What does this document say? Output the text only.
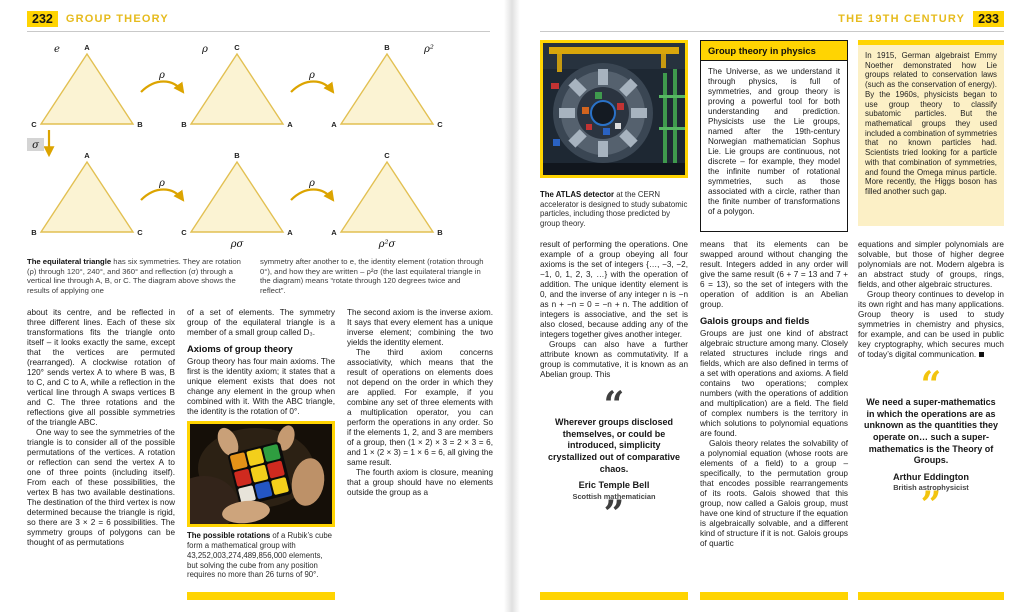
232	GROUP THEORY
ρ	ρ
ρ	ρ
σ
e	ρ	ρ²
ρσ	ρ²σ
A
C	B
C
B	A
B
A	C
A
B	C
B
C	A
C
A	B
The equilateral triangle has six symmetries. They are rotation (ρ) through 120°, 240°, and 360° and reflection (σ) through a vertical line through A, B, or C. The diagram above shows the results of applying one
symmetry after another to e, the identity element (rotation through 0°), and how they are written – ρ²σ (the last equilateral triangle in the diagram) means “rotate through 120 degrees twice and reflect”.

about its centre, and be reflected in three different lines. Each of these six transformations fits the triangle onto itself – it looks exactly the same, except that the vertices are permuted (rearranged). A clockwise rotation of 120° sends vertex A to where B was, B to C, and C to A, while a reflection in the vertical line through A swaps vertices B and C. The three rotations and the reflections give all possible symmetries of the triangle ABC.

One way to see the symmetries of the triangle is to consider all of the possible permutations of the vertices. A rotation or reflection can send the vertex A to one of three points (including itself). From each of these possibilities, the vertex B has two available destinations. The destination of the third vertex is now determined because the triangle is rigid, so there are 3 × 2 = 6 possibilities. The symmetry groups of polygons can be thought of as permutations

of a set of elements. The symmetry group of the equilateral triangle is a member of a small group called D₃.

Axioms of group theory

Group theory has four main axioms. The first is the identity axiom; it states that a unique element exists that does not change any element in the group when combined with it. With the ABC triangle, the identity is the rotation of 0°.

The possible rotations of a Rubik’s cube form a mathematical group with 43,252,003,274,489,856,000 elements, but solving the cube from any position requires no more than 26 turns of 90°.

The second axiom is the inverse axiom. It says that every element has a unique inverse element; combining the two yields the identity element.

The third axiom concerns associativity, which means that the result of operations on elements does not depend on the order in which they are applied. For example, if you combine any set of three elements with a multiplication operator, you can perform the operations in any order. So if the elements 1, 2, and 3 are members of a group, then (1 × 2) × 3 = 2 × 3 = 6, and 1 × (2 × 3) = 1 × 6 = 6, all giving the same result.

The fourth axiom is closure, meaning that a group should have no elements outside the group as a

THE 19TH CENTURY	233
The ATLAS detector at the CERN accelerator is designed to study subatomic particles, including those predicted by group theory.
Group theory in physics
The Universe, as we understand it through physics, is full of symmetries, and group theory is proving a powerful tool for both understanding and prediction. Physicists use the Lie groups, named after the 19th-century Norwegian mathematician Sophus Lie. Lie groups are continuous, not discrete – for example, they model the infinite number of rotational symmetries, such as those associated with a circle, rather than the finite number of transformations of a polygon.
In 1915, German algebraist Emmy Noether demonstrated how Lie groups related to conservation laws (such as the conservation of energy). By the 1960s, physicists began to use group theory to classify subatomic particles. But the mathematical groups they used included a combination of symmetries that no known particles had. Scientists tried looking for a particle with that combination of symmetries, and found the Omega minus particle. More recently, the Higgs boson has filled another such gap.

result of performing the operations. One example of a group obeying all four axioms is the set of integers {…, −3, −2, −1, 0, 1, 2, 3, …} with the operation of addition. The unique identity element is 0, and the inverse of any integer n is −n as n + −n = 0 = −n + n. The addition of integers is associative, and the set is also closed, because adding any of the integers together gives another integer.

Groups can also have a further attribute known as commutativity. If a group is commutative, it is known as an Abelian group. This

“
Wherever groups disclosed themselves, or could be introduced, simplicity crystallized out of comparative chaos.
Eric Temple Bell
Scottish mathematician
”

means that its elements can be swapped around without changing the result. Integers added in any order will give the same result (6 + 7 = 13 and 7 + 6 = 13), so the set of integers with the operation of addition is an Abelian group.

Galois groups and fields

Groups are just one kind of abstract algebraic structure among many. Closely related structures include rings and fields, which are also defined in terms of a set with operations and axioms. A field contains two operations; complex numbers (with the operations of addition and multiplication) are a field. The field of complex numbers is the territory in which solutions to polynomial equations are found.

Galois theory relates the solvability of a polynomial equation (whose roots are elements of a field) to a group – specifically, to the permutation group that encodes possible rearrangements of its roots. Galois showed that this group, now called a Galois group, must have one kind of structure if the equation is algebraically solvable, and a different kind of structure if it is not. Galois groups of quartic

equations and simpler polynomials are solvable, but those of higher degree polynomials are not. Modern algebra is an abstract study of groups, rings, fields, and other algebraic structures.

Group theory continues to develop in its own right and has many applications. Group theory is used to study symmetries in chemistry and physics, for example, and can be used in public key cryptography, which secures much of today’s digital communication.

“
We need a super-mathematics in which the operations are as unknown as the quantities they operate on… such a super-mathematics is the Theory of Groups.
Arthur Eddington
British astrophysicist
”
